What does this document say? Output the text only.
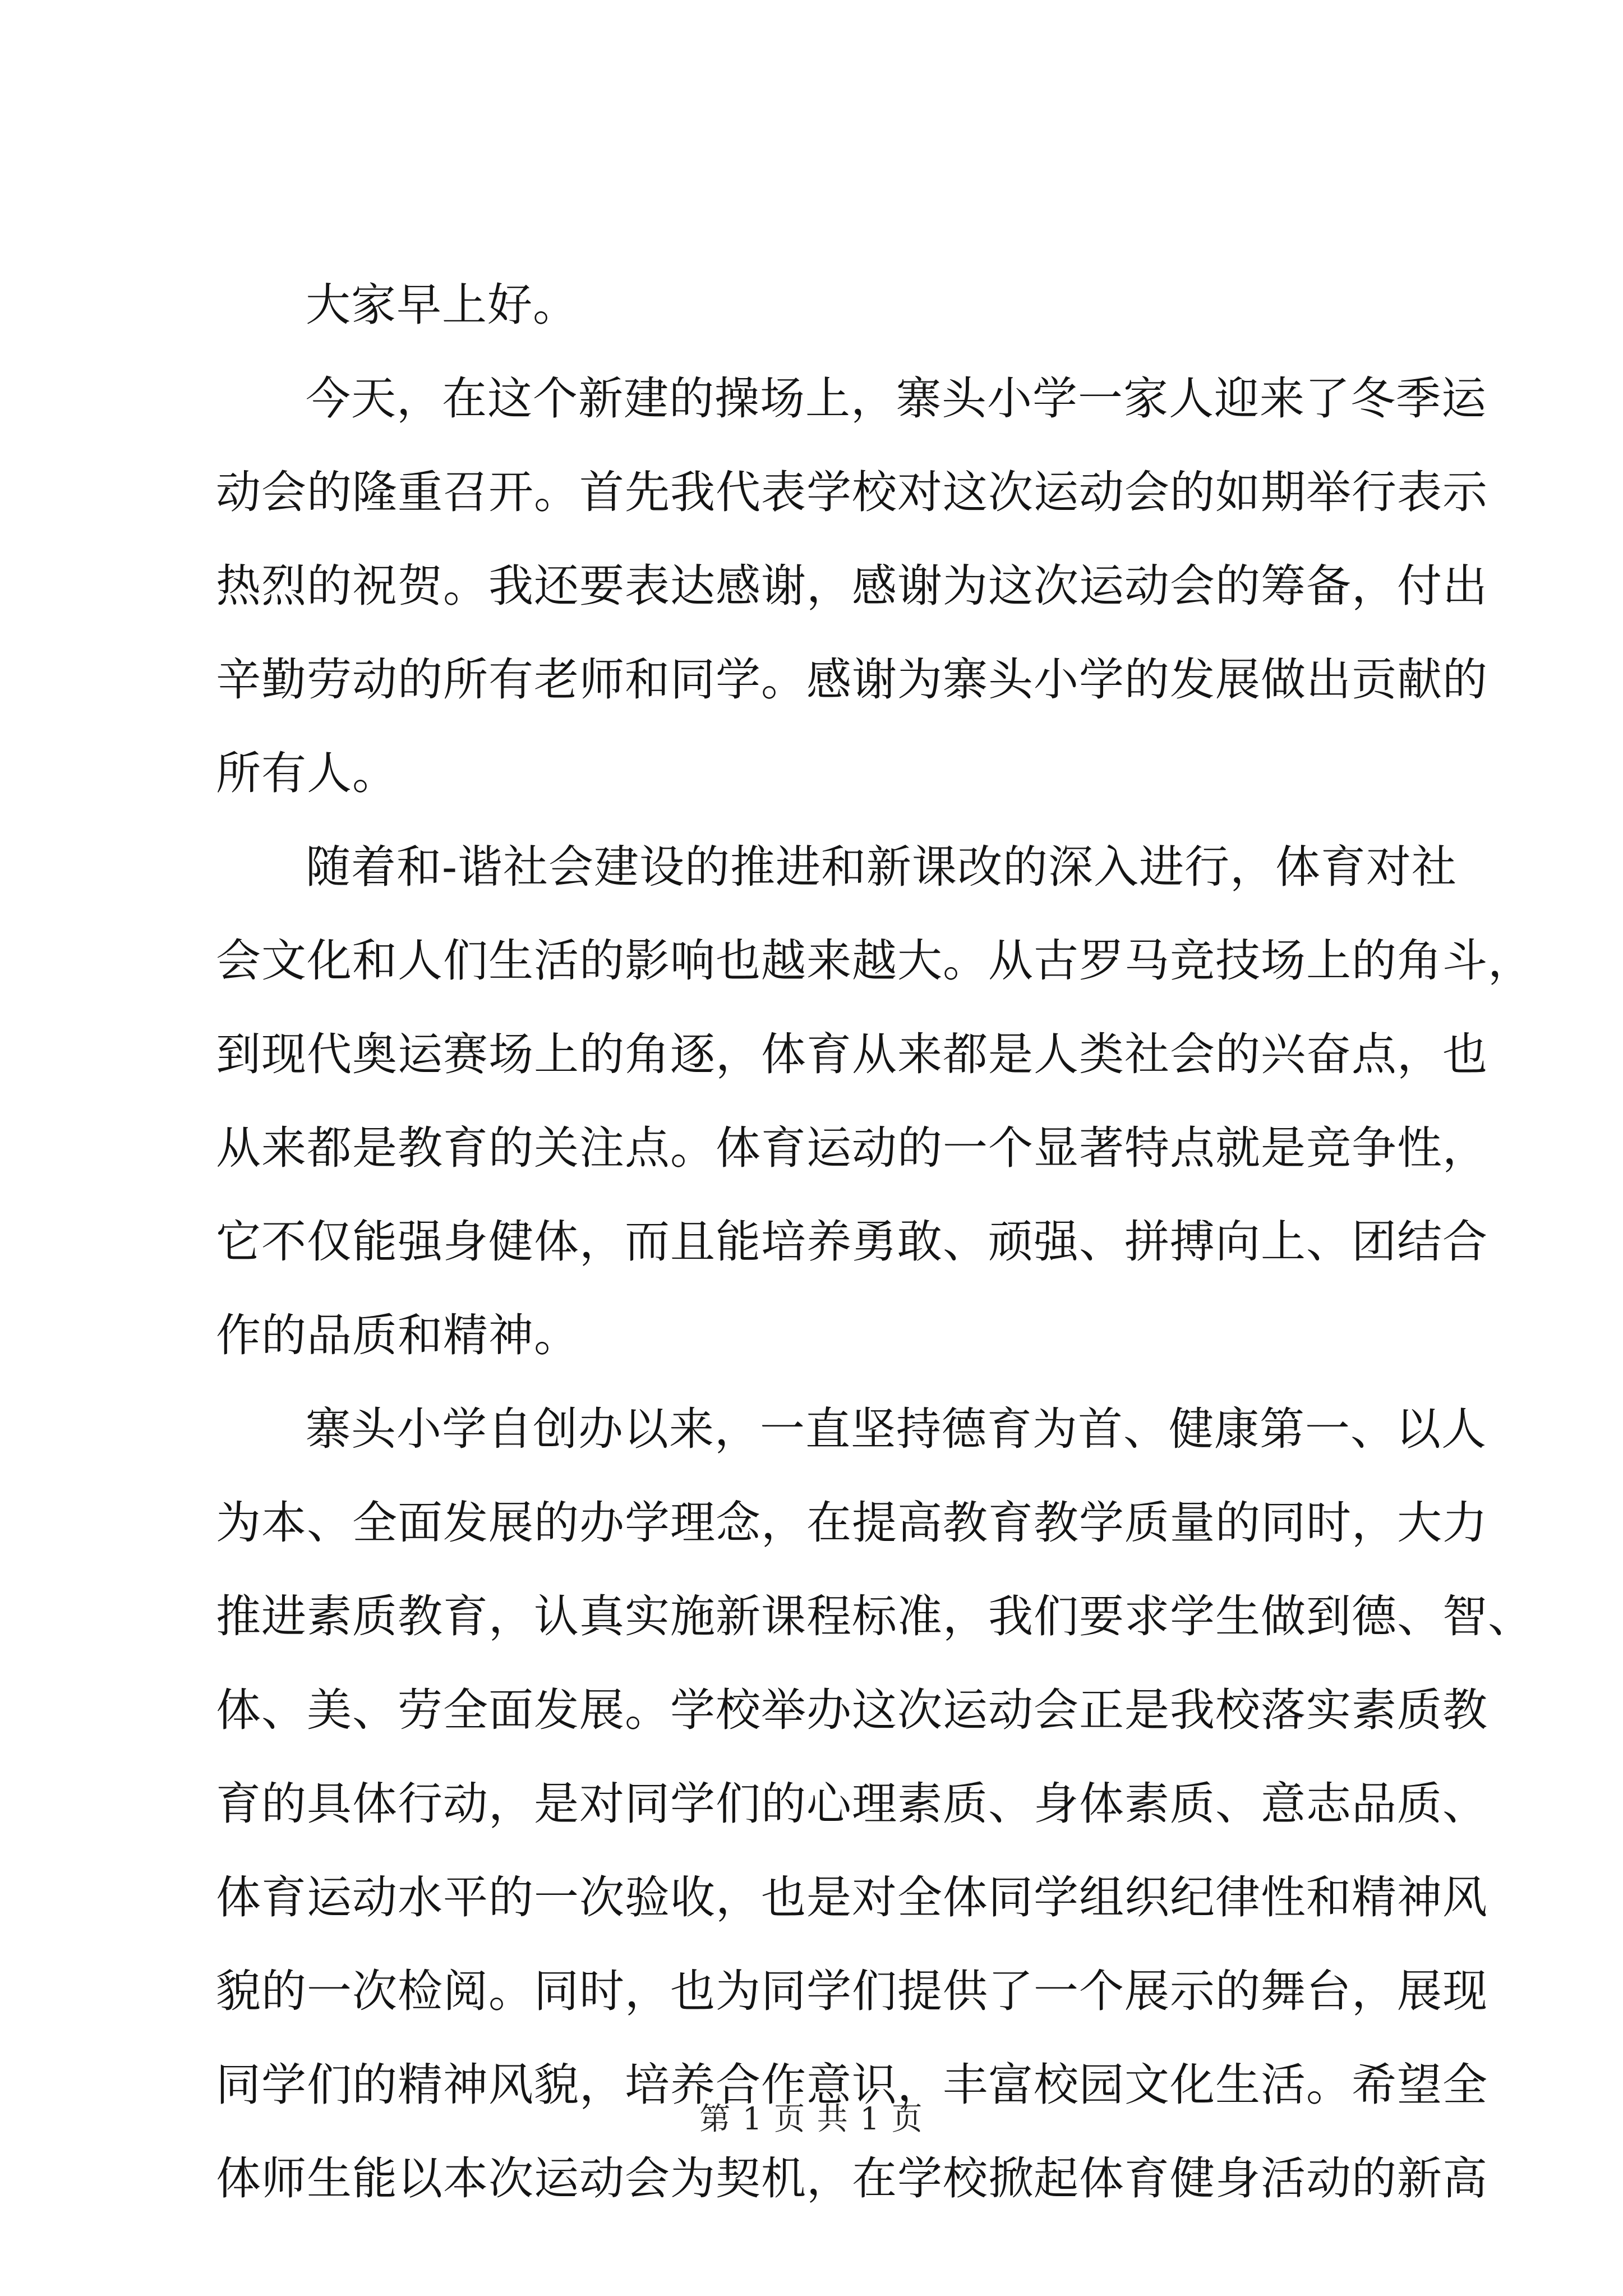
大家早上好。
今天，在这个新建的操场上，寨头小学一家人迎来了冬季运
动会的隆重召开。首先我代表学校对这次运动会的如期举行表示
热烈的祝贺。我还要表达感谢，感谢为这次运动会的筹备，付出
辛勤劳动的所有老师和同学。感谢为寨头小学的发展做出贡献的
所有人。
随着和-谐社会建设的推进和新课改的深入进行，体育对社
会文化和人们生活的影响也越来越大。从古罗马竞技场上的角斗，
到现代奥运赛场上的角逐，体育从来都是人类社会的兴奋点，也
从来都是教育的关注点。体育运动的一个显著特点就是竞争性，
它不仅能强身健体，而且能培养勇敢、顽强、拼搏向上、团结合
作的品质和精神。
寨头小学自创办以来，一直坚持德育为首、健康第一、以人
为本、全面发展的办学理念，在提高教育教学质量的同时，大力
推进素质教育，认真实施新课程标准，我们要求学生做到德、智、
体、美、劳全面发展。学校举办这次运动会正是我校落实素质教
育的具体行动，是对同学们的心理素质、身体素质、意志品质、
体育运动水平的一次验收，也是对全体同学组织纪律性和精神风
貌的一次检阅。同时，也为同学们提供了一个展示的舞台，展现
同学们的精神风貌，培养合作意识，丰富校园文化生活。希望全
体师生能以本次运动会为契机，在学校掀起体育健身活动的新高
第 1 页 共 1 页
